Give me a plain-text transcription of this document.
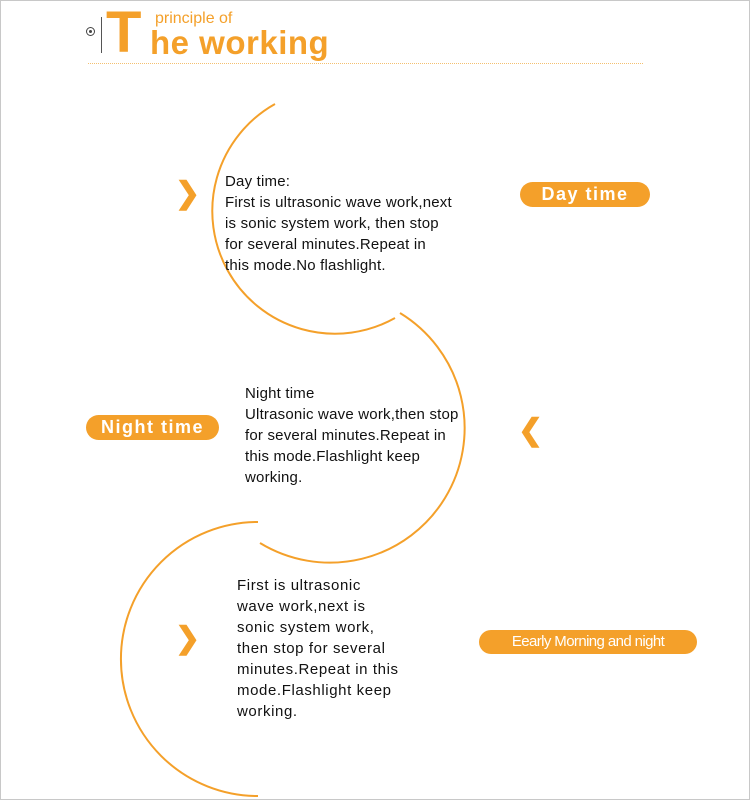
T principle of
he working
❯ Day time:
First is ultrasonic wave work,next
is sonic system work, then stop
for several minutes.Repeat in
this mode.No flashlight.
Day time
Night time
Night time
Ultrasonic wave work,then stop
for several minutes.Repeat in
this mode.Flashlight keep
working.
❮
❯
First is ultrasonic
wave work,next is
sonic system work,
then stop for several
minutes.Repeat in this
mode.Flashlight keep
working.
Eearly Morning and night
